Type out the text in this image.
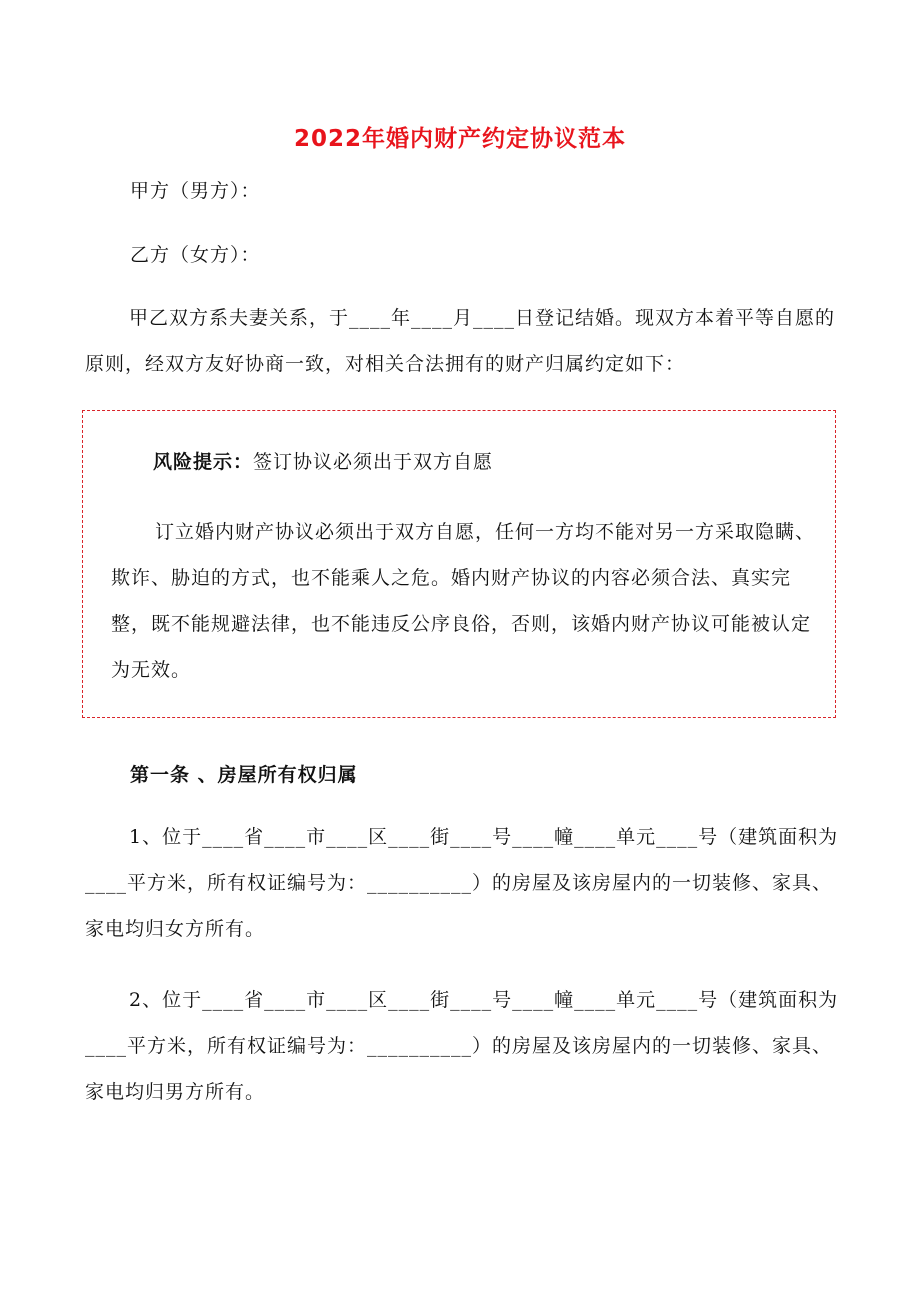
2022年婚内财产约定协议范本
甲方（男方）：
乙方（女方）：
甲乙双方系夫妻关系，于____年____月____日登记结婚。现双方本着平等自愿的原则，经双方友好协商一致，对相关合法拥有的财产归属约定如下：
风险提示：签订协议必须出于双方自愿
订立婚内财产协议必须出于双方自愿，任何一方均不能对另一方采取隐瞒、欺诈、胁迫的方式，也不能乘人之危。婚内财产协议的内容必须合法、真实完整，既不能规避法律，也不能违反公序良俗，否则，该婚内财产协议可能被认定为无效。
第一条 、房屋所有权归属
1、位于____省____市____区____街____号____幢____单元____号（建筑面积为____平方米，所有权证编号为：__________）的房屋及该房屋内的一切装修、家具、家电均归女方所有。
2、位于____省____市____区____街____号____幢____单元____号（建筑面积为____平方米，所有权证编号为：__________）的房屋及该房屋内的一切装修、家具、家电均归男方所有。
